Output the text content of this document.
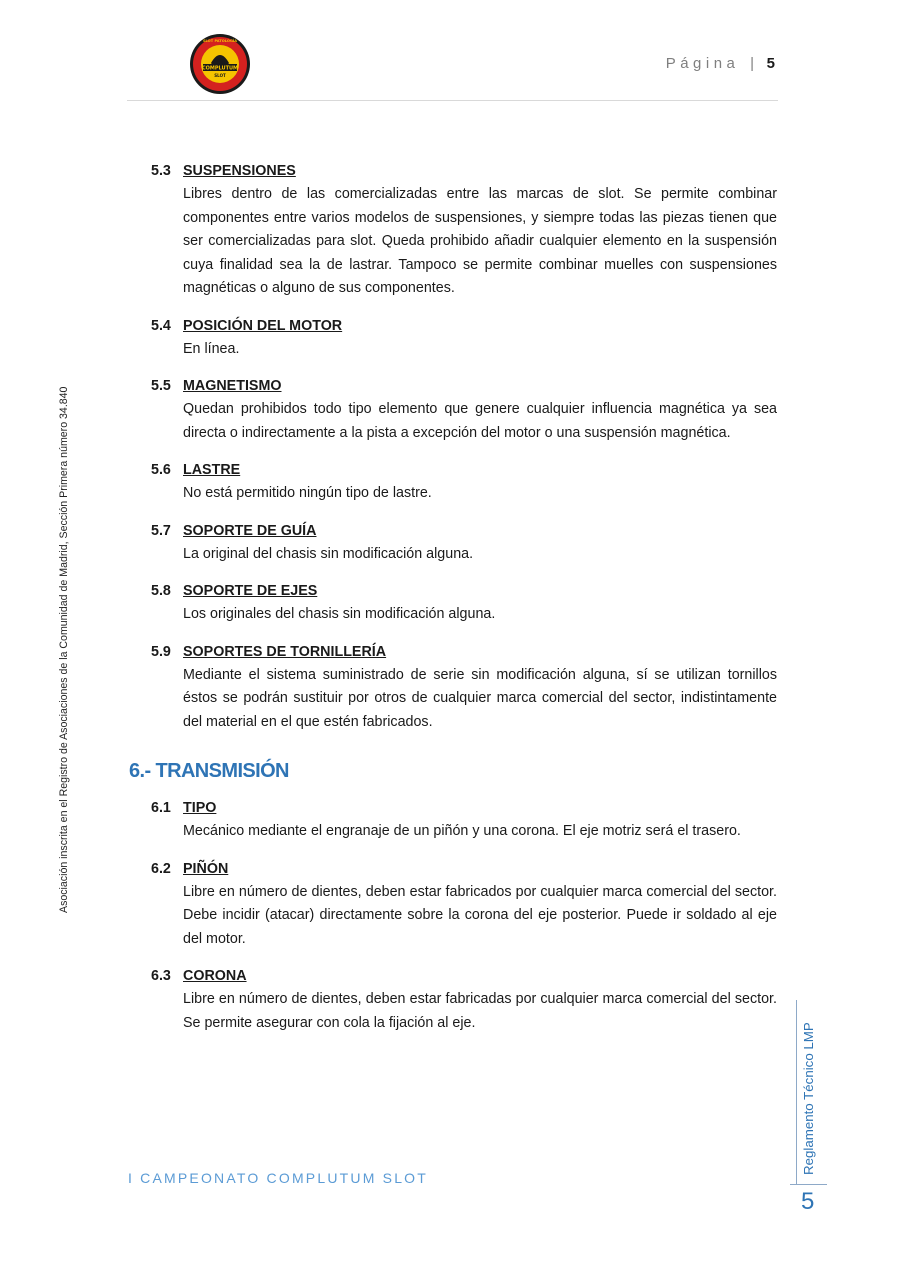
COMPLUTUM
SLOT
SLOT PATOLOGÍA
Página | 5
Asociación inscrita en el Registro de Asociaciones de la Comunidad de Madrid, Sección Primera número 34.840
5.3 SUSPENSIONES
Libres dentro de las comercializadas entre las marcas de slot. Se permite combinar componentes entre varios modelos de suspensiones, y siempre todas las piezas tienen que ser comercializadas para slot. Queda prohibido añadir cualquier elemento en la suspensión cuya finalidad sea la de lastrar. Tampoco se permite combinar muelles con suspensiones magnéticas o alguno de sus componentes.
5.4 POSICIÓN DEL MOTOR
En línea.
5.5 MAGNETISMO
Quedan prohibidos todo tipo elemento que genere cualquier influencia magnética ya sea directa o indirectamente a la pista a excepción del motor o una suspensión magnética.
5.6 LASTRE
No está permitido ningún tipo de lastre.
5.7 SOPORTE DE GUÍA
La original del chasis sin modificación alguna.
5.8 SOPORTE DE EJES
Los originales del chasis sin modificación alguna.
5.9 SOPORTES DE TORNILLERÍA
Mediante el sistema suministrado de serie sin modificación alguna, sí se utilizan tornillos éstos se podrán sustituir por otros de cualquier marca comercial del sector, indistintamente del material en el que estén fabricados.
6.- TRANSMISIÓN
6.1 TIPO
Mecánico mediante el engranaje de un piñón y una corona. El eje motriz será el trasero.
6.2 PIÑÓN
Libre en número de dientes, deben estar fabricados por cualquier marca comercial del sector. Debe incidir (atacar) directamente sobre la corona del eje posterior. Puede ir soldado al eje del motor.
6.3 CORONA
Libre en número de dientes, deben estar fabricadas por cualquier marca comercial del sector. Se permite asegurar con cola la fijación al eje.
I CAMPEONATO COMPLUTUM SLOT
Reglamento Técnico LMP
5
